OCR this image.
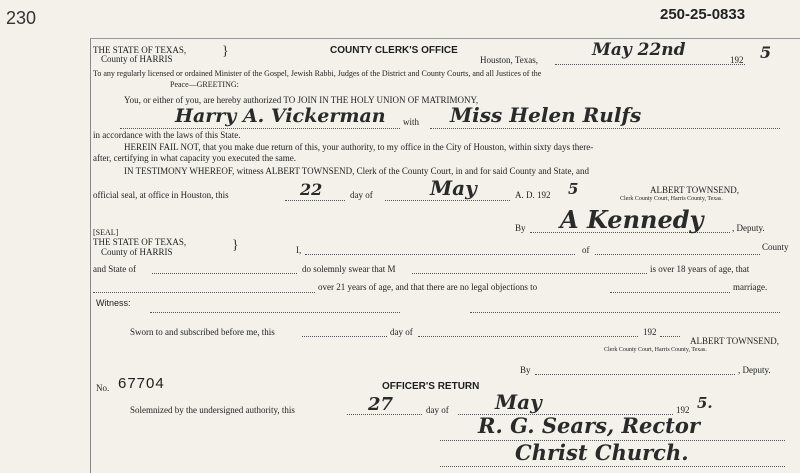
230	250-25-0833
THE STATE OF TEXAS,
County of HARRIS	}	COUNTY CLERK'S OFFICE
Houston, Texas,	May 22nd	192 5
To any regularly licensed or ordained Minister of the Gospel, Jewish Rabbi, Judges of the District and County Courts, and all Justices of the
Peace—GREETING:
You, or either of you, are hereby authorized TO JOIN IN THE HOLY UNION OF MATRIMONY,
Harry A. Vickerman with Miss Helen Rulfs
in accordance with the laws of this State.
HEREIN FAIL NOT, that you make due return of this, your authority, to my office in the City of Houston, within sixty days there-
after, certifying in what capacity you executed the same.
IN TESTIMONY WHEREOF, witness ALBERT TOWNSEND, Clerk of the County Court, in and for said County and State, and
official seal, at office in Houston, this	22	day of	May	A. D. 192 5	ALBERT TOWNSEND,
Clerk County Court, Harris County, Texas.
By A Kennedy	, Deputy.
[SEAL]
THE STATE OF TEXAS,
County of HARRIS	}	I,	of	County
and State of	do solemnly swear that M	is over 18 years of age, that
over 21 years of age, and that there are no legal objections to	marriage.
Witness:
Sworn to and subscribed before me, this	day of	192
ALBERT TOWNSEND,
Clerk County Court, Harris County, Texas.
By	, Deputy.
No. 67704	OFFICER'S RETURN
Solemnized by the undersigned authority, this	27	day of May	192 5.
R. G. Sears, Rector
Christ Church.
